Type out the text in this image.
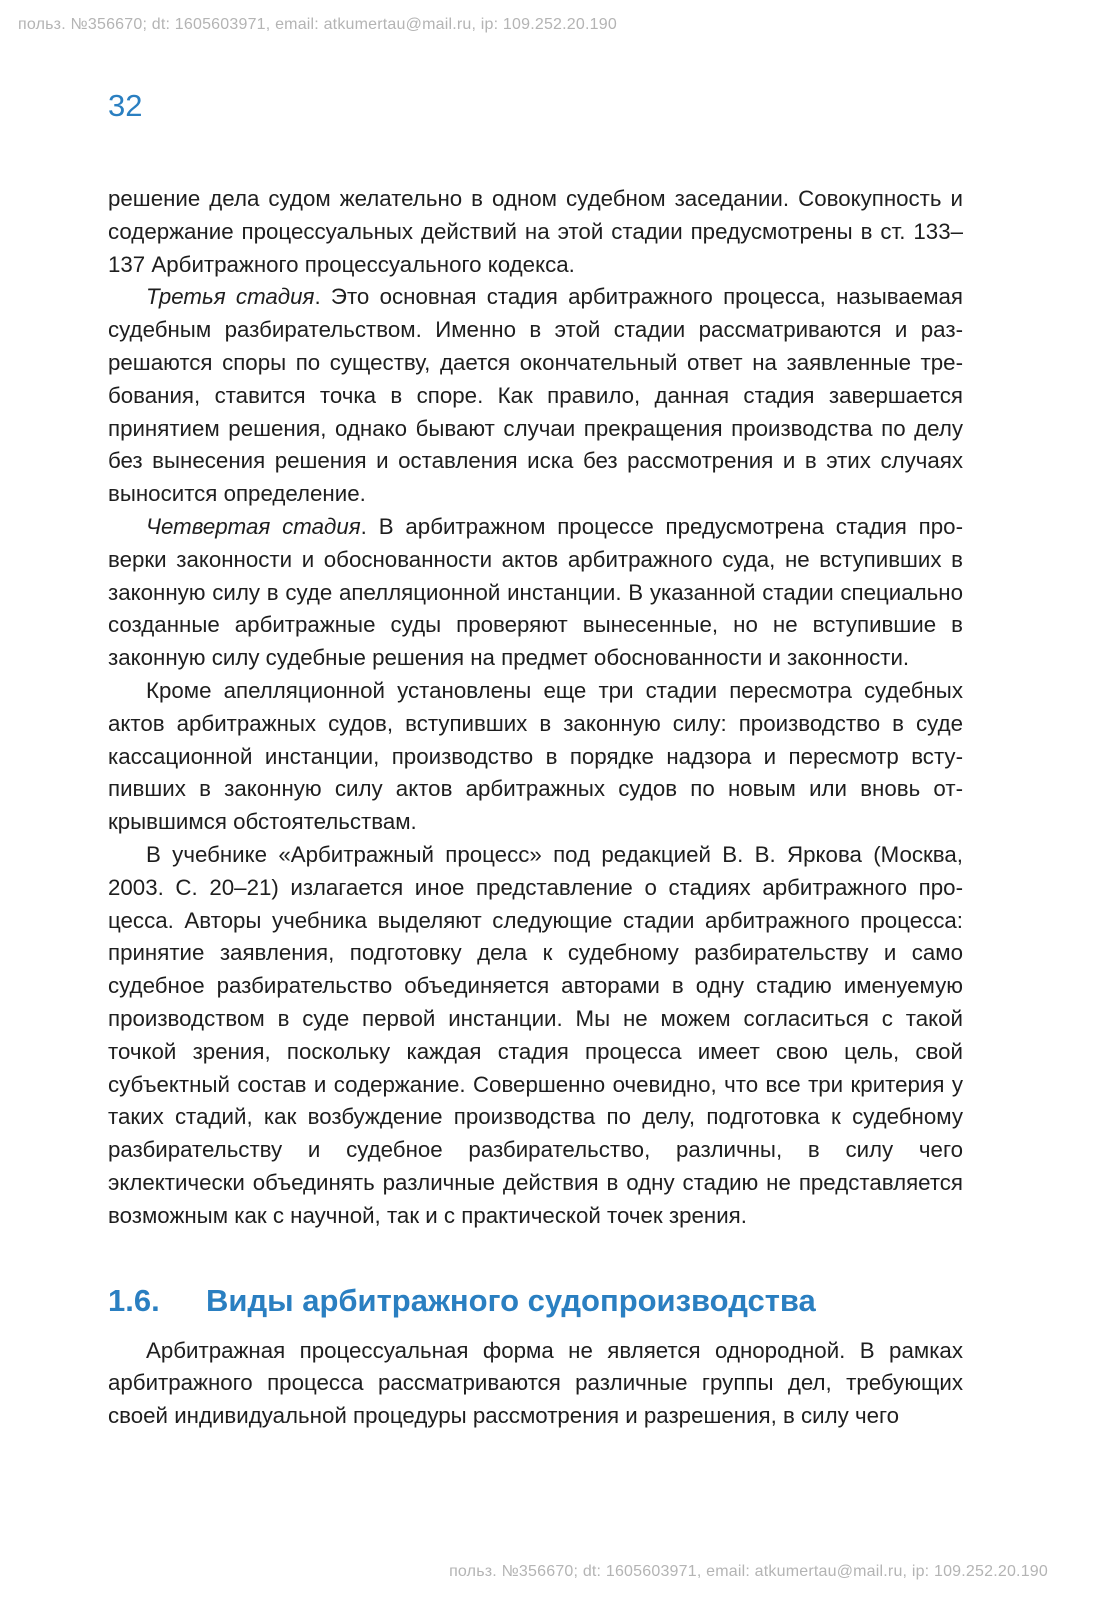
польз. №356670; dt: 1605603971, email: atkumertau@mail.ru, ip: 109.252.20.190
32

решение дела судом желательно в одном судебном заседании. Совокупность и содержание процессуальных действий на этой стадии предусмотрены в ст. 133–137 Арбитражного процессуального кодекса.

Третья стадия. Это основная стадия арбитражного процесса, называемая судебным разбирательством. Именно в этой стадии рассматриваются и разрешаются споры по существу, дается окончательный ответ на заявленные требования, ставится точка в споре. Как правило, данная стадия завершается принятием решения, однако бывают случаи прекращения производства по делу без вынесения решения и оставления иска без рассмотрения и в этих случаях выносится определение.

Четвертая стадия. В арбитражном процессе предусмотрена стадия проверки законности и обоснованности актов арбитражного суда, не вступивших в законную силу в суде апелляционной инстанции. В указанной стадии специально созданные арбитражные суды проверяют вынесенные, но не вступившие в законную силу судебные решения на предмет обоснованности и законности.

Кроме апелляционной установлены еще три стадии пересмотра судебных актов арбитражных судов, вступивших в законную силу: производство в суде кассационной инстанции, производство в порядке надзора и пересмотр вступивших в законную силу актов арбитражных судов по новым или вновь открывшимся обстоятельствам.

В учебнике «Арбитражный процесс» под редакцией В. В. Яркова (Москва, 2003. С. 20–21) излагается иное представление о стадиях арбитражного процесса. Авторы учебника выделяют следующие стадии арбитражного процесса: принятие заявления, подготовку дела к судебному разбирательству и само судебное разбирательство объединяется авторами в одну стадию именуемую производством в суде первой инстанции. Мы не можем согласиться с такой точкой зрения, поскольку каждая стадия процесса имеет свою цель, свой субъектный состав и содержание. Совершенно очевидно, что все три критерия у таких стадий, как возбуждение производства по делу, подготовка к судебному разбирательству и судебное разбирательство, различны, в силу чего эклектически объединять различные действия в одну стадию не представляется возможным как с научной, так и с практической точек зрения.

1.6. Виды арбитражного судопроизводства

Арбитражная процессуальная форма не является однородной. В рамках арбитражного процесса рассматриваются различные группы дел, требующих своей индивидуальной процедуры рассмотрения и разрешения, в силу чего

польз. №356670; dt: 1605603971, email: atkumertau@mail.ru, ip: 109.252.20.190
